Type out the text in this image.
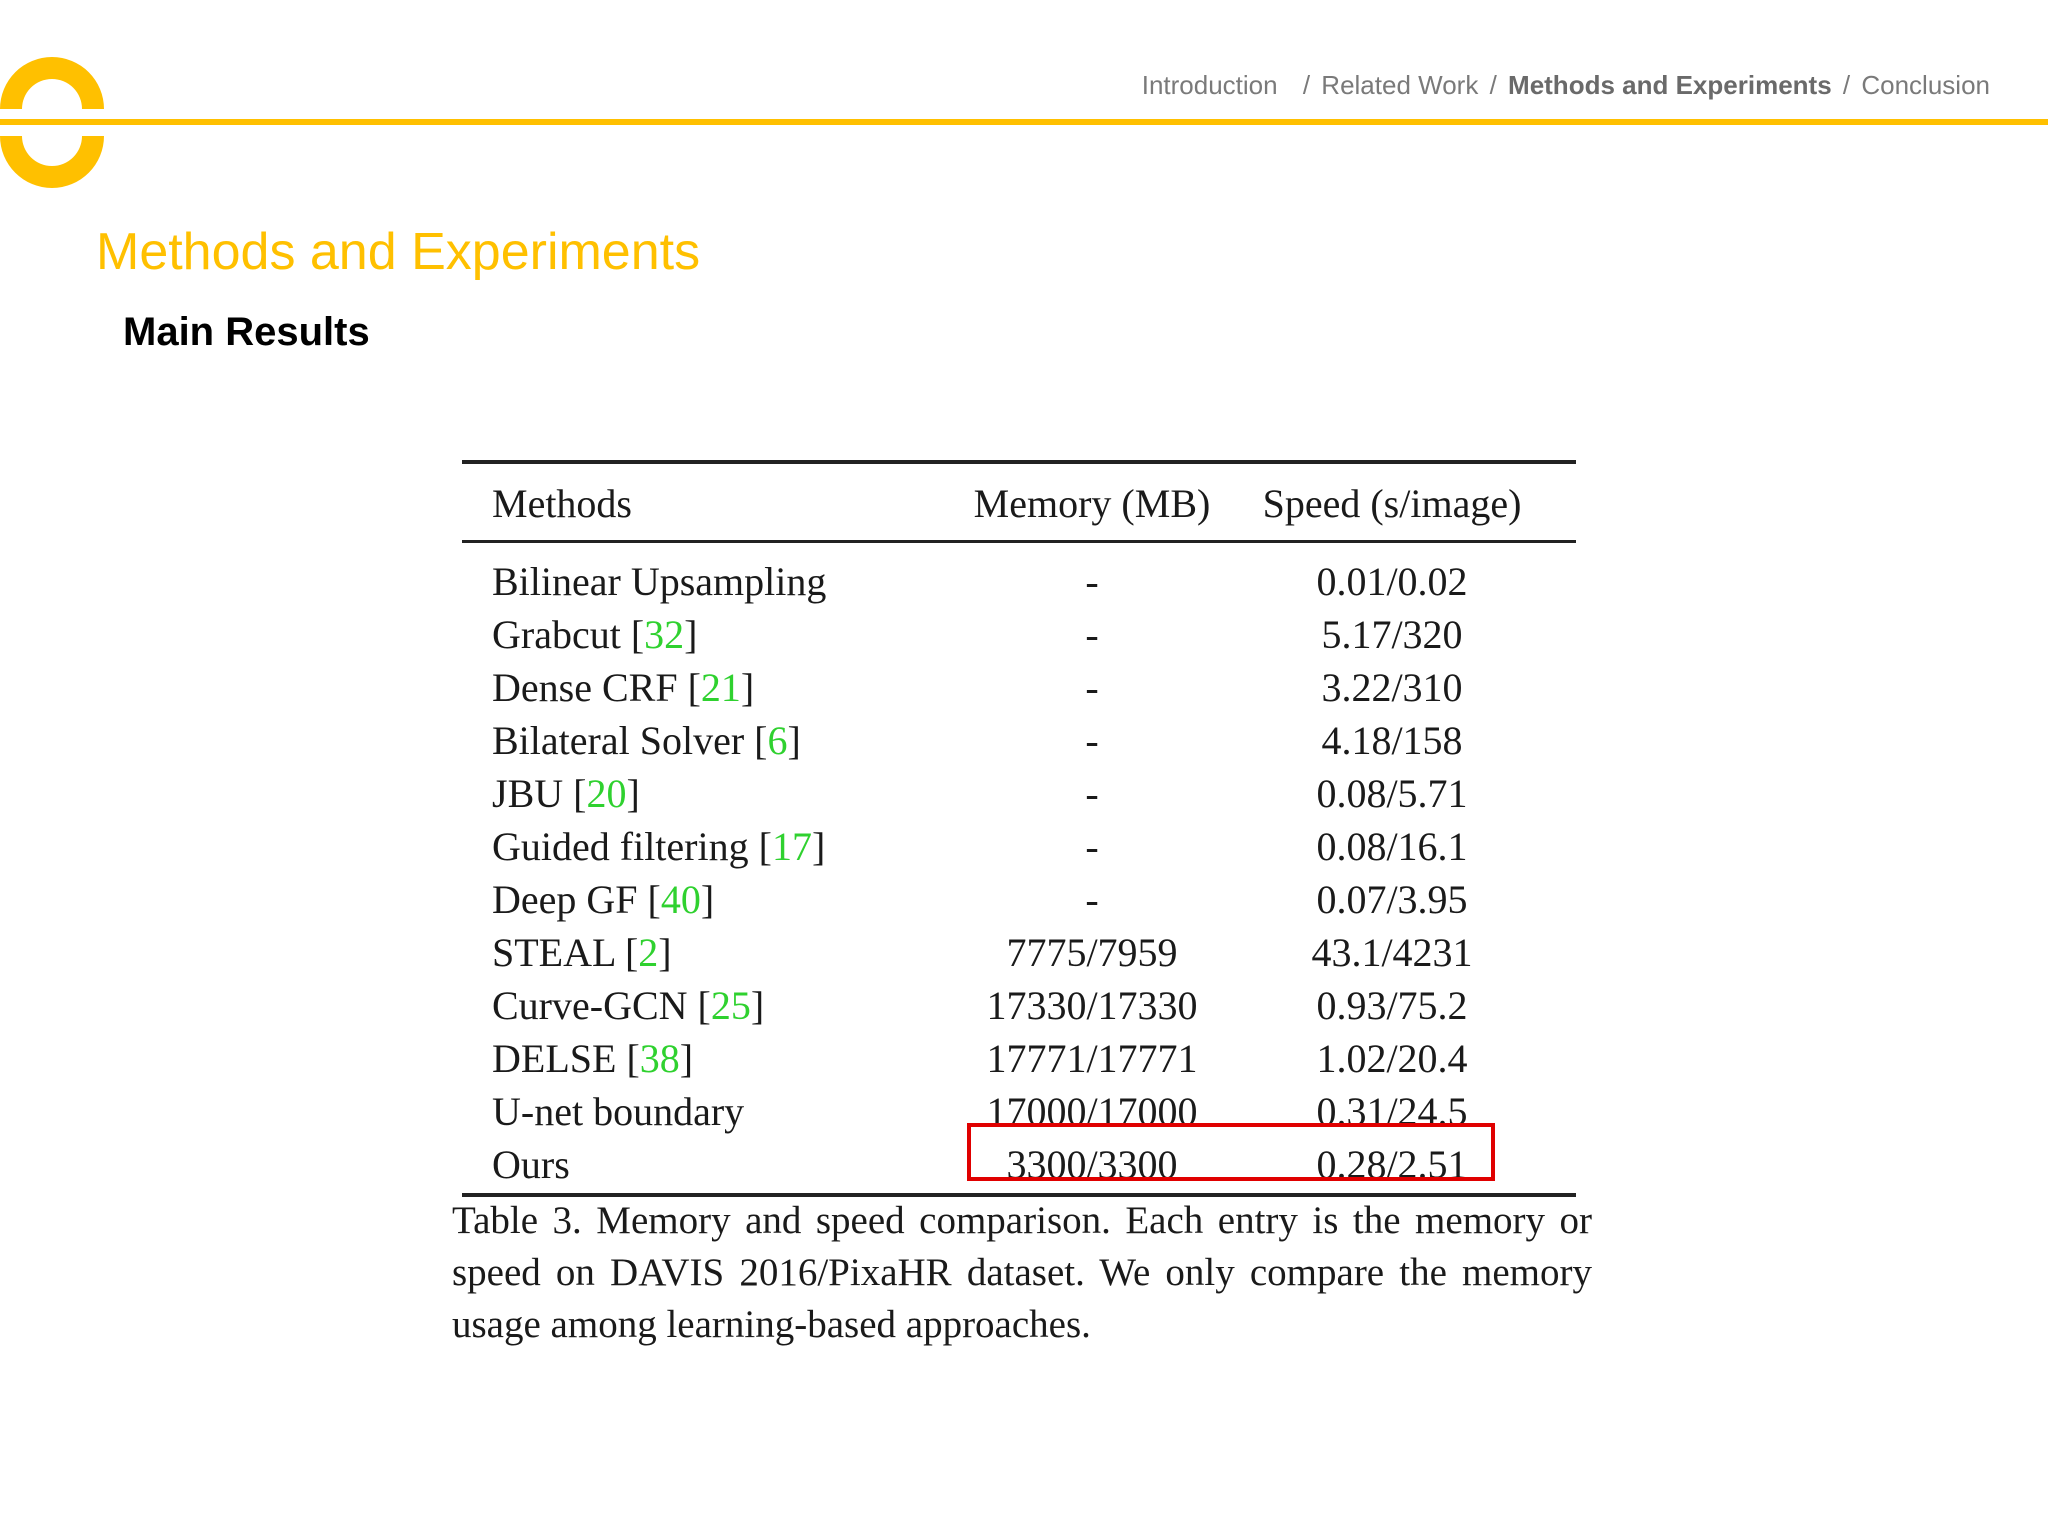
Introduction / Related Work / Methods and Experiments / Conclusion
Methods and Experiments
Main Results
Methods	Memory (MB)	Speed (s/image)
Bilinear Upsampling	-	0.01/0.02
Grabcut [32]	-	5.17/320
Dense CRF [21]	-	3.22/310
Bilateral Solver [6]	-	4.18/158
JBU [20]	-	0.08/5.71
Guided filtering [17]	-	0.08/16.1
Deep GF [40]	-	0.07/3.95
STEAL [2]	7775/7959	43.1/4231
Curve-GCN [25]	17330/17330	0.93/75.2
DELSE [38]	17771/17771	1.02/20.4
U-net boundary	17000/17000	0.31/24.5
Ours	3300/3300	0.28/2.51
Table 3. Memory and speed comparison. Each entry is the memory or speed on DAVIS 2016/PixaHR dataset. We only compare the memory usage among learning-based approaches.
